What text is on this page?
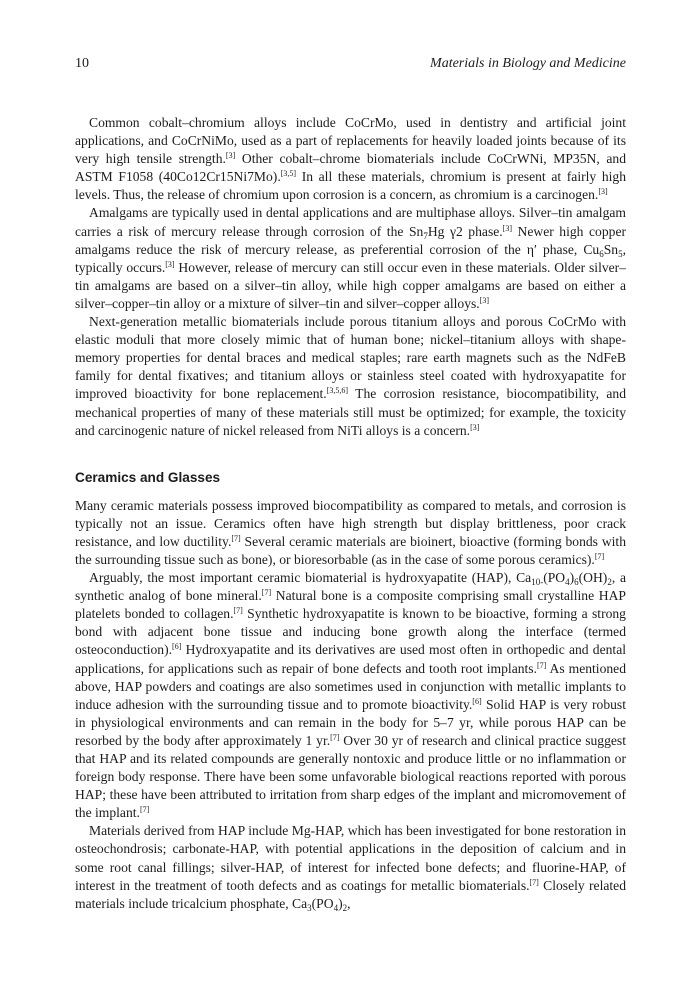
10	Materials in Biology and Medicine

Common cobalt–chromium alloys include CoCrMo, used in dentistry and artificial joint applications, and CoCrNiMo, used as a part of replacements for heavily loaded joints because of its very high tensile strength.[3] Other cobalt–chrome biomaterials include CoCrWNi, MP35N, and ASTM F1058 (40Co12Cr15Ni7Mo).[3,5] In all these materials, chromium is present at fairly high levels. Thus, the release of chromium upon corrosion is a concern, as chromium is a carcinogen.[3]

Amalgams are typically used in dental applications and are multiphase alloys. Silver–tin amalgam carries a risk of mercury release through corrosion of the $Sn_7Hg$ γ2 phase.[3] Newer high copper amalgams reduce the risk of mercury release, as preferential corrosion of the η′ phase, $Cu_6Sn_5$, typically occurs.[3] However, release of mercury can still occur even in these materials. Older silver–tin amalgams are based on a silver–tin alloy, while high copper amalgams are based on either a silver–copper–tin alloy or a mixture of silver–tin and silver–copper alloys.[3]

Next-generation metallic biomaterials include porous titanium alloys and porous CoCrMo with elastic moduli that more closely mimic that of human bone; nickel–titanium alloys with shape-memory properties for dental braces and medical staples; rare earth magnets such as the NdFeB family for dental fixatives; and titanium alloys or stainless steel coated with hydroxyapatite for improved bioactivity for bone replacement.[3,5,6] The corrosion resistance, biocompatibility, and mechanical properties of many of these materials still must be optimized; for example, the toxicity and carcinogenic nature of nickel released from NiTi alloys is a concern.[3]

Ceramics and Glasses

Many ceramic materials possess improved biocompatibility as compared to metals, and corrosion is typically not an issue. Ceramics often have high strength but display brittleness, poor crack resistance, and low ductility.[7] Several ceramic materials are bioinert, bioactive (forming bonds with the surrounding tissue such as bone), or bioresorbable (as in the case of some porous ceramics).[7]

Arguably, the most important ceramic biomaterial is hydroxyapatite (HAP), $Ca_{10-}(PO_4)_6(OH)_2$, a synthetic analog of bone mineral.[7] Natural bone is a composite comprising small crystalline HAP platelets bonded to collagen.[7] Synthetic hydroxyapatite is known to be bioactive, forming a strong bond with adjacent bone tissue and inducing bone growth along the interface (termed osteoconduction).[6] Hydroxyapatite and its derivatives are used most often in orthopedic and dental applications, for applications such as repair of bone defects and tooth root implants.[7] As mentioned above, HAP powders and coatings are also sometimes used in conjunction with metallic implants to induce adhesion with the surrounding tissue and to promote bioactivity.[6] Solid HAP is very robust in physiological environments and can remain in the body for 5–7 yr, while porous HAP can be resorbed by the body after approximately 1 yr.[7] Over 30 yr of research and clinical practice suggest that HAP and its related compounds are generally nontoxic and produce little or no inflammation or foreign body response. There have been some unfavorable biological reactions reported with porous HAP; these have been attributed to irritation from sharp edges of the implant and micromovement of the implant.[7]

Materials derived from HAP include Mg-HAP, which has been investigated for bone restoration in osteochondrosis; carbonate-HAP, with potential applications in the deposition of calcium and in some root canal fillings; silver-HAP, of interest for infected bone defects; and fluorine-HAP, of interest in the treatment of tooth defects and as coatings for metallic biomaterials.[7] Closely related materials include tricalcium phosphate, $Ca_3(PO_4)_2$,
